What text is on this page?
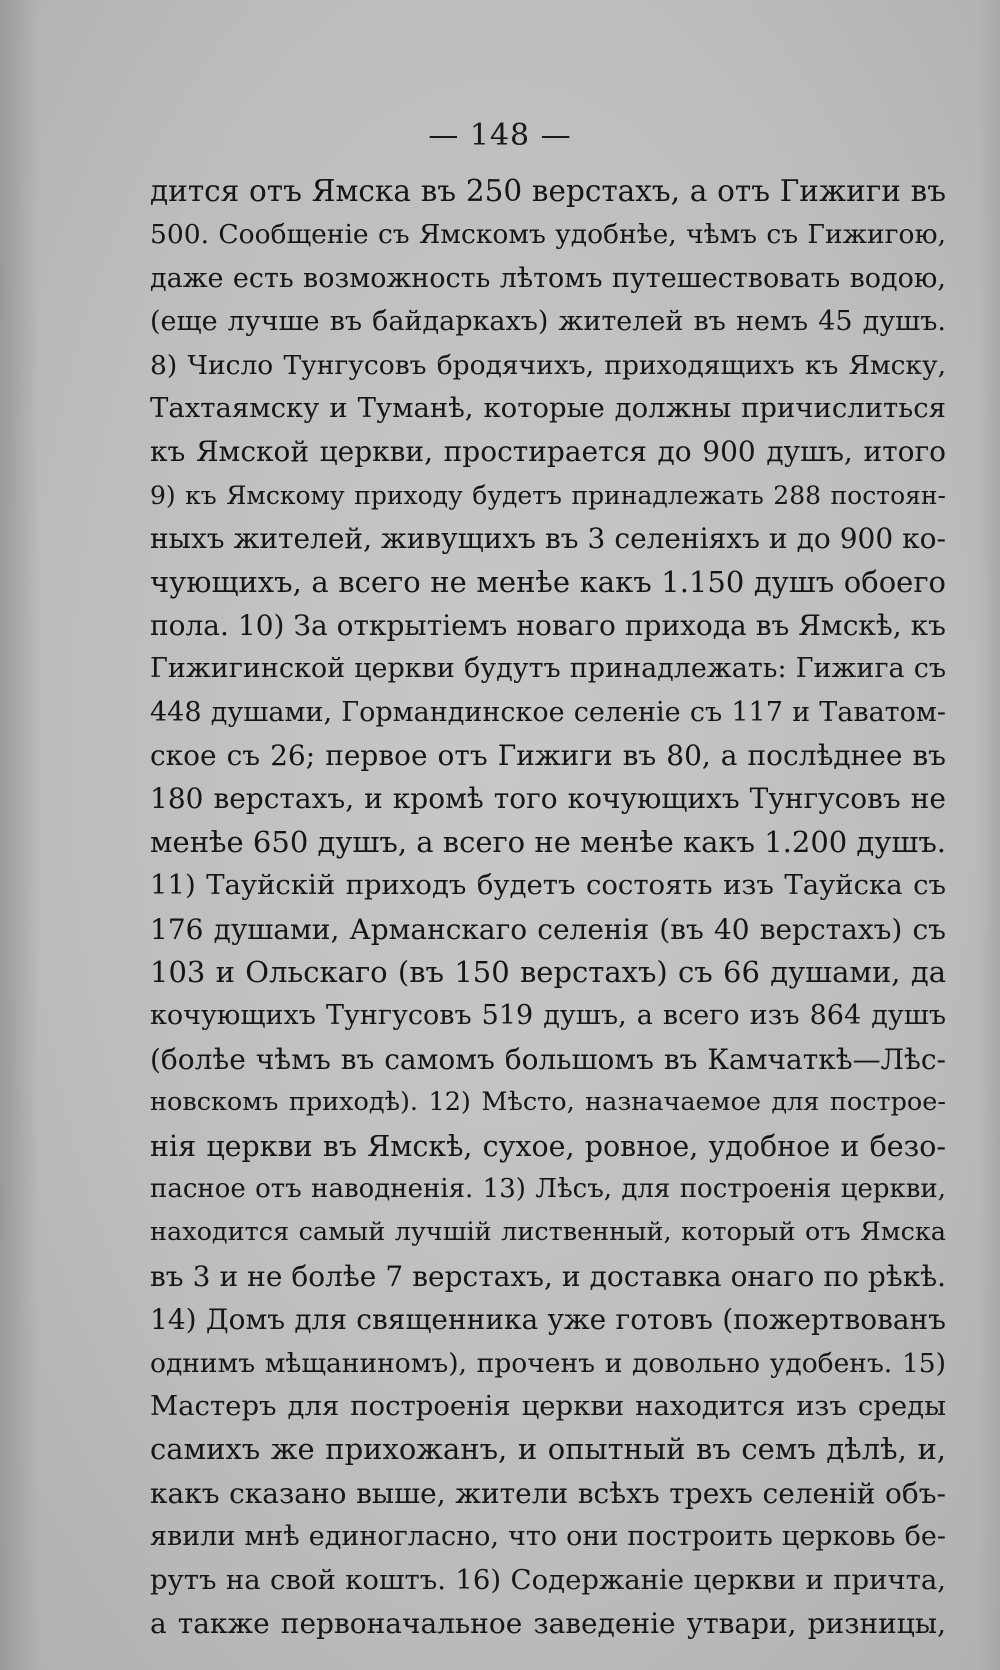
— 148 —
дится отъ Ямска въ 250 верстахъ, а отъ Гижиги въ
500. Сообщеніе съ Ямскомъ удобнѣе, чѣмъ съ Гижигою,
даже есть возможность лѣтомъ путешествовать водою,
(еще лучше въ байдаркахъ) жителей въ немъ 45 душъ.
8) Число Тунгусовъ бродячихъ, приходящихъ къ Ямску,
Тахтаямску и Туманѣ, которые должны причислиться
къ Ямской церкви, простирается до 900 душъ, итого
9) къ Ямскому приходу будетъ принадлежать 288 постоян-
ныхъ жителей, живущихъ въ 3 селеніяхъ и до 900 ко-
чующихъ, а всего не менѣе какъ 1.150 душъ обоего
пола. 10) За открытіемъ новаго прихода въ Ямскѣ, къ
Гижигинской церкви будутъ принадлежать: Гижига съ
448 душами, Гормандинское селеніе съ 117 и Таватом-
ское съ 26; первое отъ Гижиги въ 80, а послѣднее въ
180 верстахъ, и кромѣ того кочующихъ Тунгусовъ не
менѣе 650 душъ, а всего не менѣе какъ 1.200 душъ.
11) Тауйскій приходъ будетъ состоять изъ Тауйска съ
176 душами, Арманскаго селенія (въ 40 верстахъ) съ
103 и Ольскаго (въ 150 верстахъ) съ 66 душами, да
кочующихъ Тунгусовъ 519 душъ, а всего изъ 864 душъ
(болѣе чѣмъ въ самомъ большомъ въ Камчаткѣ—Лѣс-
новскомъ приходѣ). 12) Мѣсто, назначаемое для построе-
нія церкви въ Ямскѣ, сухое, ровное, удобное и безо-
пасное отъ наводненія. 13) Лѣсъ, для построенія церкви,
находится самый лучшій лиственный, который отъ Ямска
въ 3 и не болѣе 7 верстахъ, и доставка онаго по рѣкѣ.
14) Домъ для священника уже готовъ (пожертвованъ
однимъ мѣщаниномъ), проченъ и довольно удобенъ. 15)
Мастеръ для построенія церкви находится изъ среды
самихъ же прихожанъ, и опытный въ семъ дѣлѣ, и,
какъ сказано выше, жители всѣхъ трехъ селеній объ-
явили мнѣ единогласно, что они построить церковь бе-
рутъ на свой коштъ. 16) Содержаніе церкви и причта,
а также первоначальное заведеніе утвари, ризницы,
